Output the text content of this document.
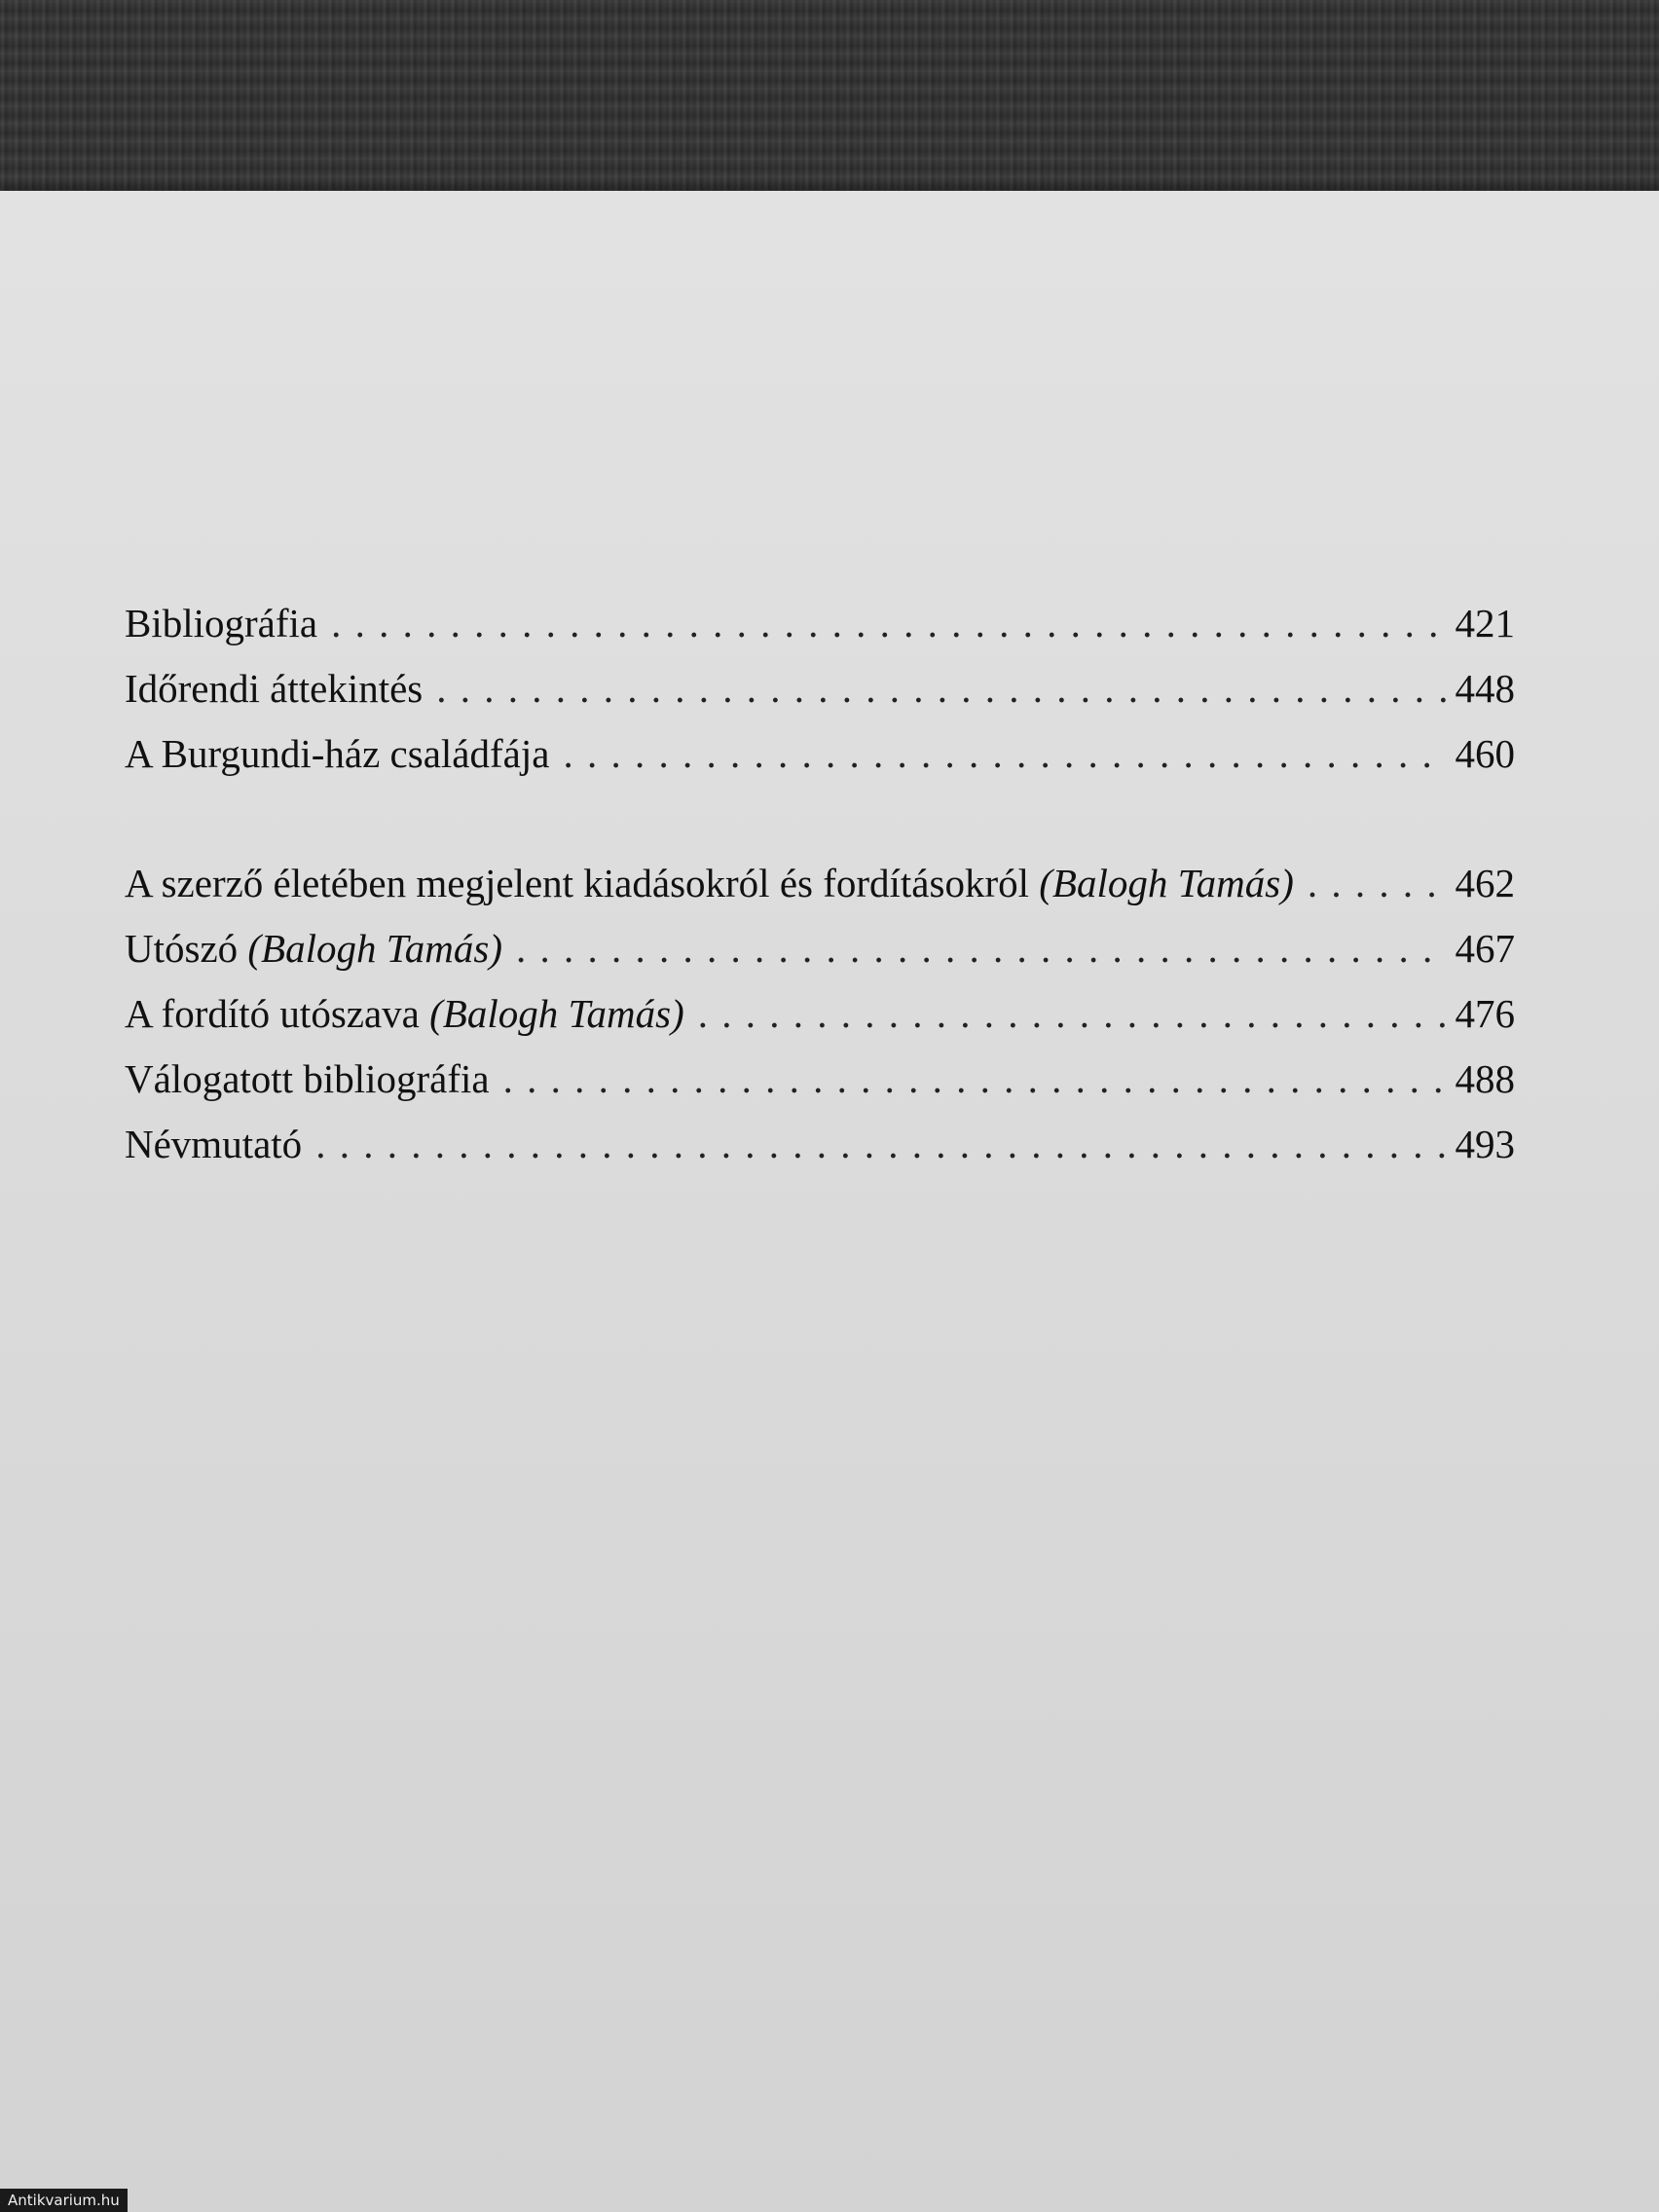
Bibliográfia . . .	421
Időrendi áttekintés . . .	448
A Burgundi-ház családfája . . .	460
A szerző életében megjelent kiadásokról és fordításokról (Balogh Tamás) . . .	462
Utószó (Balogh Tamás) . . .	467
A fordító utószava (Balogh Tamás) . . .	476
Válogatott bibliográfia . . .	488
Névmutató . . .	493
Antikvarium.hu
